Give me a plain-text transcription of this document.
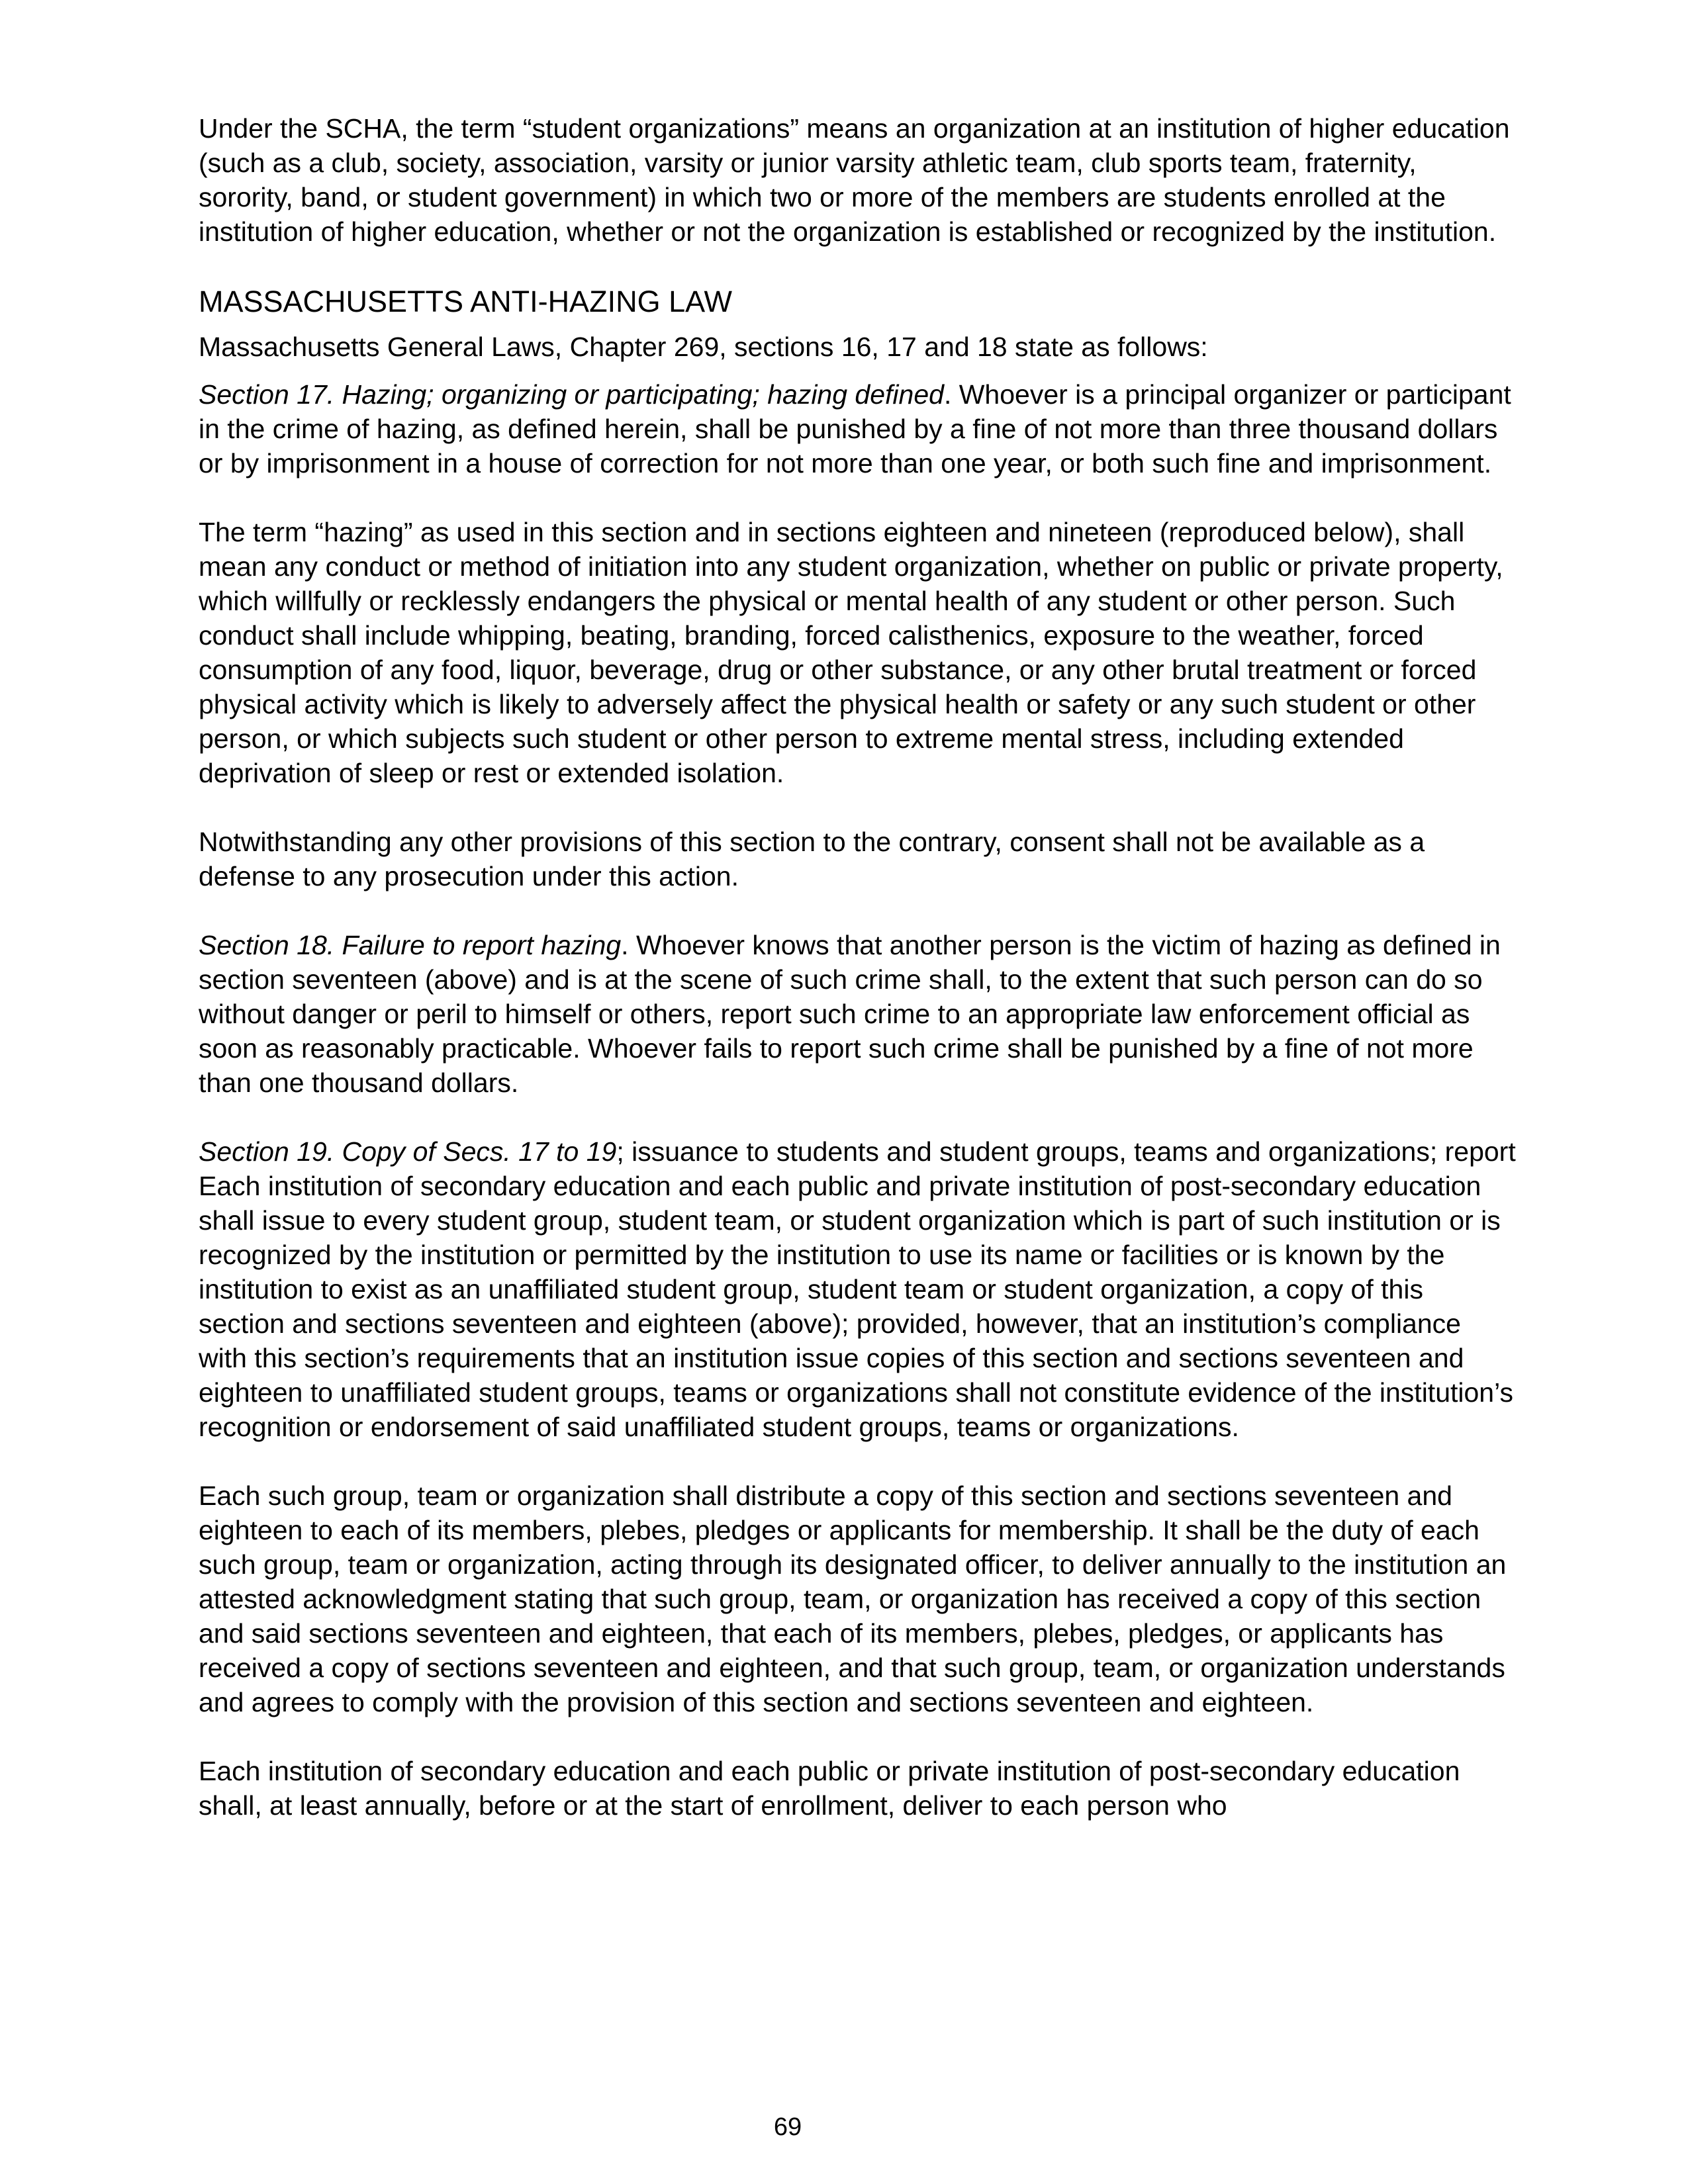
Under the SCHA, the term “student organizations” means an organization at an institution of higher education (such as a club, society, association, varsity or junior varsity athletic team, club sports team, fraternity, sorority, band, or student government) in which two or more of the members are students enrolled at the institution of higher education, whether or not the organization is established or recognized by the institution.

MASSACHUSETTS ANTI-HAZING LAW

Massachusetts General Laws, Chapter 269, sections 16, 17 and 18 state as follows:

Section 17. Hazing; organizing or participating; hazing defined. Whoever is a principal organizer or participant in the crime of hazing, as defined herein, shall be punished by a fine of not more than three thousand dollars or by imprisonment in a house of correction for not more than one year, or both such fine and imprisonment.

The term “hazing” as used in this section and in sections eighteen and nineteen (reproduced below), shall mean any conduct or method of initiation into any student organization, whether on public or private property, which willfully or recklessly endangers the physical or mental health of any student or other person. Such conduct shall include whipping, beating, branding, forced calisthenics, exposure to the weather, forced consumption of any food, liquor, beverage, drug or other substance, or any other brutal treatment or forced physical activity which is likely to adversely affect the physical health or safety or any such student or other person, or which subjects such student or other person to extreme mental stress, including extended deprivation of sleep or rest or extended isolation.

Notwithstanding any other provisions of this section to the contrary, consent shall not be available as a defense to any prosecution under this action.

Section 18. Failure to report hazing. Whoever knows that another person is the victim of hazing as defined in section seventeen (above) and is at the scene of such crime shall, to the extent that such person can do so without danger or peril to himself or others, report such crime to an appropriate law enforcement official as soon as reasonably practicable. Whoever fails to report such crime shall be punished by a fine of not more than one thousand dollars.

Section 19. Copy of Secs. 17 to 19; issuance to students and student groups, teams and organizations; report Each institution of secondary education and each public and private institution of post-secondary education shall issue to every student group, student team, or student organization which is part of such institution or is recognized by the institution or permitted by the institution to use its name or facilities or is known by the institution to exist as an unaffiliated student group, student team or student organization, a copy of this section and sections seventeen and eighteen (above); provided, however, that an institution’s compliance with this section’s requirements that an institution issue copies of this section and sections seventeen and eighteen to unaffiliated student groups, teams or organizations shall not constitute evidence of the institution’s recognition or endorsement of said unaffiliated student groups, teams or organizations.

Each such group, team or organization shall distribute a copy of this section and sections seventeen and eighteen to each of its members, plebes, pledges or applicants for membership. It shall be the duty of each such group, team or organization, acting through its designated officer, to deliver annually to the institution an attested acknowledgment stating that such group, team, or organization has received a copy of this section and said sections seventeen and eighteen, that each of its members, plebes, pledges, or applicants has received a copy of sections seventeen and eighteen, and that such group, team, or organization understands and agrees to comply with the provision of this section and sections seventeen and eighteen.

Each institution of secondary education and each public or private institution of post-secondary education shall, at least annually, before or at the start of enrollment, deliver to each person who

69
